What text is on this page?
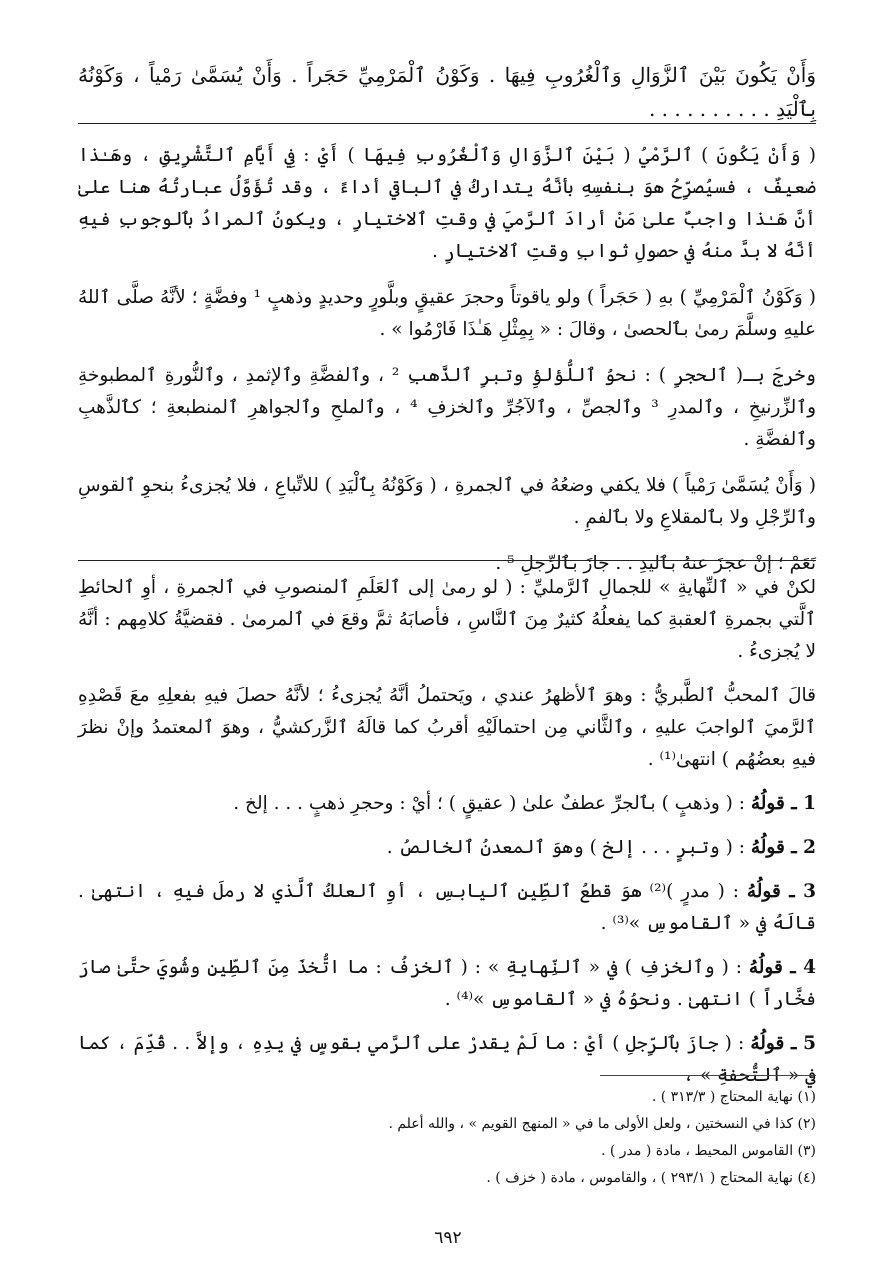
وَأَنْ يَكُونَ بَيْنَ ٱلزَّوَالِ وَٱلْغُرُوبِ فِيهَا . وَكَوْنُ ٱلْمَرْمِيِّ حَجَراً . وَأَنْ يُسَمَّىٰ رَمْياً ، وَكَوْنُهُ بِٱلْيَدِ . . . . . . . . . .

( وَأَنْ يَكُونَ ) ٱلرَّمْيُ ( بَيْنَ ٱلزَّوَالِ وَٱلْغُرُوبِ فِيهَا ) أَيْ : فِي أَيَّامِ ٱلتَّشْرِيقِ ، وهَـٰذا ضعيفٌ ، فسيُصرِّحُ هوَ بنفسِهِ بأنَّهُ يتداركُ في ٱلباقي أداءً ، وقد تُؤَوَّلُ عبارتُهُ هنا علىٰ أنَّ هَـٰذا واجبٌ علىٰ مَنْ أرادَ ٱلرَّميَ في وقتِ ٱلاختيارِ ، ويكونُ ٱلمرادُ بٱلوجوبِ فيهِ أنَّهُ لا بدَّ منهُ في حصولِ ثوابِ وقتِ ٱلاختيارِ .

( وَكَوْنُ ٱلْمَرْمِيِّ ) بهِ ( حَجَراً ) ولو ياقوتاً وحجرَ عقيقٍ وبلَّورٍ وحديدٍ وذهبٍ ¹ وفضَّةٍ ؛ لأنَّهُ صلَّى ٱللهُ عليهِ وسلَّمَ رمىٰ بٱلحصىٰ ، وقالَ : « بِمِثْلِ هَـٰذَا فَارْمُوا » .

وخرجَ بـ( ٱلحجرِ ) : نحوُ ٱللُّؤلؤِ وتبرِ ٱلذَّهبِ ² ، وٱلفضَّةِ وٱلإثمدِ ، وٱلنُّورةِ ٱلمطبوخةِ وٱلزِّرنيخِ ، وٱلمدرِ ³ وٱلجصِّ ، وٱلآجُرِّ وٱلخزفِ ⁴ ، وٱلملحِ وٱلجواهرِ ٱلمنطبعةِ ؛ كٱلذَّهبِ وٱلفضَّةِ .

( وَأَنْ يُسَمَّىٰ رَمْياً ) فلا يكفي وضعُهُ في ٱلجمرةِ ، ( وَكَوْنُهُ بِٱلْيَدِ ) للاتِّباعِ ، فلا يُجزىءُ بنحوِ ٱلقوسِ وٱلرِّجْلِ ولا بٱلمقلاعِ ولا بٱلفمِ .

نَعَمْ ؛ إنْ عجزَ عنهُ بٱليدِ . . جازَ بٱلرِّجلِ ⁵ .

لكنْ في « ٱلنِّهايةِ » للجمالِ ٱلرَّمليِّ : ( لو رمىٰ إلى ٱلعَلَمِ ٱلمنصوبِ في ٱلجمرةِ ، أوِ ٱلحائطِ ٱلَّتي بجمرةِ ٱلعقبةِ كما يفعلُهُ كثيرٌ مِنَ ٱلنَّاسِ ، فأصابَهُ ثمَّ وقعَ في ٱلمرمىٰ . فقضيَّةُ كلامِهم : أنَّهُ لا يُجزىءُ .

قالَ ٱلمحبُّ ٱلطَّبريُّ : وهوَ ٱلأظهرُ عندي ، ويَحتملُ أنَّهُ يُجزىءُ ؛ لأنَّهُ حصلَ فيهِ بفعلِهِ معَ قَصْدِهِ ٱلرَّميَ ٱلواجبَ عليهِ ، وٱلثَّاني مِن احتمالَيْهِ أقربُ كما قالَهُ ٱلزَّركشيُّ ، وهوَ ٱلمعتمدُ وإنْ نظرَ فيهِ بعضُهُم ) انتهىٰ⁽¹⁾ .

1 ـ قولُهُ : ( وذهبٍ ) بٱلجرِّ عطفٌ علىٰ ( عقيقٍ ) ؛ أيْ : وحجرِ ذهبٍ . . . إلخ .

2 ـ قولُهُ : ( وتبرٍ . . . إلخ ) وهوَ ٱلمعدنُ ٱلخالصُ .

3 ـ قولُهُ : ( مدرٍ )⁽²⁾ هوَ قطعُ ٱلطِّينِ ٱليابسِ ، أوِ ٱلعلكُ ٱلَّذي لا رملَ فيهِ ، انتهىٰ . قالَهُ في « ٱلقاموسِ »⁽³⁾ .

4 ـ قولُهُ : ( وٱلخزفِ ) في « ٱلنِّهايةِ » : ( ٱلخزفُ : ما اتُّخذَ مِنَ ٱلطِّينِ وشُويَ حتَّىٰ صارَ فخَّاراً ) انتهىٰ . ونحوُهُ في « ٱلقاموسِ »⁽⁴⁾ .

5 ـ قولُهُ : ( جازَ بٱلرِّجلِ ) أيْ : ما لَمْ يقدرْ على ٱلرَّمي بقوسٍ في يدِهِ ، وإلاَّ . . قُدِّمَ ، كما في « ٱلتُّحفةِ » ،

(١) نهاية المحتاج ( ٣١٣/٣ ) .
(٢) كذا في النسختين ، ولعل الأولى ما في « المنهج القويم » ، والله أعلم .
(٣) القاموس المحيط ، مادة ( مدر ) .
(٤) نهاية المحتاج ( ٢٩٣/١ ) ، والقاموس ، مادة ( خزف ) .
٦٩٢
